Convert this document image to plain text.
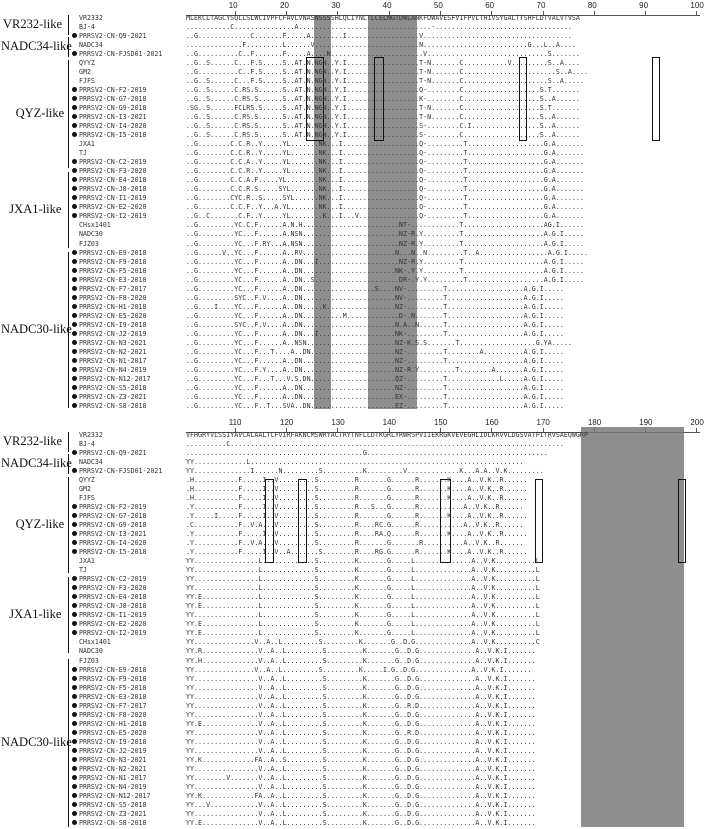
10	20	30	40	50	60	70	80	90	100
VR232-like
NADC34-like
QYZ-like
JXA1-like
NADC30-like
VR2332	MLEKCLTAGCYSQLLSLWCIVPFCFAVLVNASNSSSSHLQLIYNLTLCELNGTDWLANKFDWAVESFVIFPVLTHIVSYGALTTSHFLDTVALVTVSA
BJ-4	...........C...............A.................................-..................................
PRRSV2-CN-Q9-2021	..G.............C.......F.....A........I..................V.....................................
NADC34	..............F.........L......V..........................N..........................G...L..A....
PRRSV2-CN-FJSD01-2021	..G..........C..F.......F.....A....N.......................V..............................S.......
QYYZ	..G..S......C...F.S.....S..AT.N.NGN..Y.I..................T-N.......C...........V.........S..A....
GM2	..G..........C..F.S.....S..AT.N.NGN..Y.I..................T-N.......C.......................S..A....
FJFS	..G..S......C...F.S.....S..AT.N.NGN..Y.I..................T-N.......C.....................S..A.....
PRRSV2-CN-F2-2019	..G..S......C.RS.S......S..AT.N.NGN..Y.I..................Q-........C...................S.T.......
PRRSV2-CN-G7-2018	..G..S......C.RS.S......S..AT.N.NGN..Y.I..................K-........C...................S..A......
PRRSV2-CN-G9-2018	.SG..S......FCLRS.S.....S..AT.N.NGN..Y.I..................T-N.......C...................S.T.......
PRRSV2-CN-I3-2021	..G..S......C.RS.S......S..AT.N.NGN..Y.I..................T-N.......C...................S..A......
PRRSV2-CN-I4-2020	..G..S......C.RS.S......S..AT.N.NGN..Y.I..................S-........C.I.................S..A......
PRRSV2-CN-I5-2018	..G..S......C.RS.S......S..AT.N.NGN..Y.I..................S-........C...................S..A......
JXA1	..G........C.C.R..Y.....YL.......NK...I...................Q-.........T...................G.A.......
TJ	..G........C.C.R..Y.....YL.......NK...I...................Q-.........T...................G.A.......
PRRSV2-CN-C2-2019	..G........C.C.A..Y.....YL.......NK...I...................Q-.........T...................G.A.......
PRRSV2-CN-F3-2020	..G........C.C.R..Y.....YL.......NK...I...................Q-.........T...................G.A.......
PRRSV2-CN-E4-2018	..G........C.C.A.F.....YL........NK...I...................Q-.........T...................G.A.......
PRRSV2-CN-J8-2018	..G........C.C.R.S.....SYL.......NK...I...................Q-.........T...................G.A.......
PRRSV2-CN-I1-2019	..G........CYC.R..S.....SYL......NK...I...................Q-.........T...................G.A.......
PRRSV2-CN-E2-2020	..G........C.C.F..Y...A.YL.......NK...I...................Q-.........T...................G.A.......
PRRSV2-CN-I2-2019	..G..C.......C.F..Y.....YL........K...I...V...............Q-.........T...................G.A.......
CHsx1401	..G.........YC.C.F......A.N.H........................NT-............T....................AG.I......
NADC30	..G.........YC...F......A.NSN........................NZ-R.Y.........T....................A.G.I.....
FJZ03	..G.........YC...F.RY...A.NSN........................NZ-R.Y.........T....................A.G.I.....
PRRSV2-CN-E9-2018	..G......V..YC...F......A..RV.......................N...N..N.........T..A.................A.G.I.....
PRRSV2-CN-F9-2018	..G.........YC...F......A..DN...I....................NZ-R.Y.........T....................A.G.I.....
PRRSV2-CN-F5-2018	..G.........YC...F......A..DN.......................NK-.Y.Y.........T....................A.G.I.....
PRRSV2-CN-E3-2018	..G.........YC...F......A..DN..S.....................DR-.Y.Y.........T...................A.G.I.....
PRRSV2-CN-F7-2017	..G.........YC...F......A..DN..................S....NV-.........T...................A.G.I.....
PRRSV2-CN-F8-2020	..G.........SYC..F.V....A..DN.......................NV-.........T...................A.G.I.....
PRRSV2-CN-H1-2018	..G....I....YC...F......A..DN.....K.................NZ-.........T...................A.G.I.....
PRRSV2-CN-E5-2020	..G.........YC...F......A..DN..........M.............D-.N.......T...................A.G.I.....
PRRSV2-CN-I9-2018	..G.........SYC..F.V....A..DN.......................N.A..N......T...................A.G.I.....
PRRSV2-CN-J2-2019	..G.........YC...F......A..DN...I...................NK-.........T...................A.G.I.....
PRRSV2-CN-N3-2021	..G.........YC...F......A..NSN......................NZ-K.S.S.......T...................G.YA.....
PRRSV2-CN-N2-2021	..G.........YC...F...T....A..DN.....................NZ-.........T........A..........A.G.I.....
PRRSV2-CN-N1-2017	..G.........YC...F......A..DN.......................NZ-.........T...................A.G.I.....
PRRSV2-CN-N4-2019	..G.........YC...F.Y....A..DN.......................NZ-R.Y.........T........A.......A.G.I.....
PRRSV2-CN-N12-2017	..G.........YC...F...T...V.S.DN.....................QZ-.........T.............L.....A.G.I.....
PRRSV2-CN-S5-2018	..G.........YC...F......A..DN.......................NZ-.........T...................A.G.I.....
PRRSV2-CN-Z3-2021	..G.........YC...F......A..DN.......................EX-.........T...................A.G.I.....
PRRSV2-CN-S8-2018	..G.........YC...F..T...SVA..DN.....................EZ-.........T...................A.G.I.....
110	120	130	140	150	160	170	180	190	200
VR232-like
NADC34-like
QYZ-like
JXA1-like
NADC30-like
VR2332	VFHGRYVLSSIYAVCALAALTCFVIRFAKNCMSWRYACTRYTNFLLDTKGRLYRWRSPVIIEKRGKVEVEGHLIDLKRVVLDGSVATPITRVSAEQWGRP
BJ-4	..........C...................................................................................
PRRSV2-CN-Q9-2021	............................................G.............................................
NADC34	YY.............L....................................................................
PRRSV2-CN-FJSD01-2021	YY..............I......N.........S..........K.........V.............K...A.A..V.K.........
QYYZ	.H...........F.....I..V.........S.........R.......G......R.......K....A..V.K..R......
GM2	.H...........F.....I..V.........S.........R.......G......R.......K....A..V.K..R......
FJFS	.H...........F.....I..V.........S.........R.......G......R.......K....A..V.K..R......
PRRSV2-CN-F2-2019	.Y...........F.....I..V.........S.........R...S...G......R...........A..V.K..R......
PRRSV2-CN-G7-2018	.Y.....I.....F.....I..V.........S.........R.......G......R.......K....A..V.K..R......
PRRSV2-CN-G9-2018	.C...........F..V.A...V.........S.........R....RC.G......R...........A..V.K..R......
PRRSV2-CN-I3-2021	.Y...........F.....I..V.........S.........R....RA.Q......R.......K....A..V.K..R......
PRRSV2-CN-I4-2020	.Y...........F..V.A...V.........S.........R.......G.......R..........A..V.K..R......
PRRSV2-CN-I5-2018	.Y...........F.....I..V..A.......S........R....RG.G......R.......K....A..V.K..R......
JXA1	YY................L.............S.........K.......G.....L..............A..V.K..........L
TJ	YY................L.............S.........K.......G.....L..............A..V.K..........L
PRRSV2-CN-C2-2019	YY................L.............S.........K.......G.....L..............A..V.K..........L
PRRSV2-CN-F3-2020	YY................L.............S.........K.......G.....L..............A..V.K..........L
PRRSV2-CN-E4-2018	YY.E..............L.............S.........K.......G.....L..............A..V.K..........L
PRRSV2-CN-J8-2018	YY.E..............L.............S.........K.......G.....L..............A..V.K..........L
PRRSV2-CN-I1-2019	YY................L.............S.........K.......G.....L..............A..V.K..........L
PRRSV2-CN-E2-2020	YY.E..............L.............S.........K.......G.....L..............A..V.K..........L
PRRSV2-CN-I2-2019	YY.E..............L.............S.........K.......G.....L..............A..V.K..........L
CHsx1401	YY...............V..A..L.........S.........K.......G..D.G..............A..V.K..........C
NADC30	YY.R..............V..A..L.........S.........K.......G..D.G..............A..V.K.I.......
FJZ03	YY.H..............V..A..L.........S.........K.......G..D.G..............A..V.K.I.......
PRRSV2-CN-E9-2018	YY...............V..A..L.........S.........K.....I.G..D.G..............A..V.K.I.......
PRRSV2-CN-F9-2018	YY................V..A..L.........S.........K.......G..D.G..............A..V.K.I.......
PRRSV2-CN-F5-2018	YY................V..A..L.........S.........K.......G..D.G..............A..V.K.I.......
PRRSV2-CN-E3-2018	YY................V..A..L.........S.........K.......G..D.G..............A..V.K.I.......
PRRSV2-CN-F7-2017	YY................V..A..L.........S.........K.......G..R.D..............A..V.K.I.......
PRRSV2-CN-F8-2020	YY................V..A..L.........S.........K.......G..D.G..............A..V.K.I.......
PRRSV2-CN-H1-2018	YY.E..............V..A..L.........S.........K.......G..D.G..............A..V.K.I.......
PRRSV2-CN-E5-2020	YY................V..A..L.........S.........K.......G..R.D..............A..V.K.I.......
PRRSV2-CN-I9-2018	YY................V..A..L.........S.........K.......G..D.G..............A..V.K.I.......
PRRSV2-CN-J2-2019	YY................V..A..L.........S.........K.......G..D.G..............A..V.K.I.......
PRRSV2-CN-N3-2021	YY.K.............FA..A..S.........S.........K.......G..D.G..............A..V.K.I.......
PRRSV2-CN-N2-2021	YY................V..A..L.........S.........K.......G..D.G..............A..V.K.I.......
PRRSV2-CN-N1-2017	YY........V.......V..A..L.........S.........K.......G..D.G..............A..V.K.I.......
PRRSV2-CN-N4-2019	YY................V..A..L.........S.........K.......G..D.G..............A..V.K.I.......
PRRSV2-CN-N12-2017	YY.K.............FA..A..L.........S.........K.......G..D.G..............A..V.K.I.......
PRRSV2-CN-S5-2018	YY...V............V..A..L.........S.........K.......G..D.G..............A..V.K.I.......
PRRSV2-CN-Z3-2021	YY................V..A..L.........S.........K.......G..D.G..............A..V.K.I.......
PRRSV2-CN-S8-2018	YY.E..............V..A..L.........S.........K.......G..D.G..............A..V.K.I.......
